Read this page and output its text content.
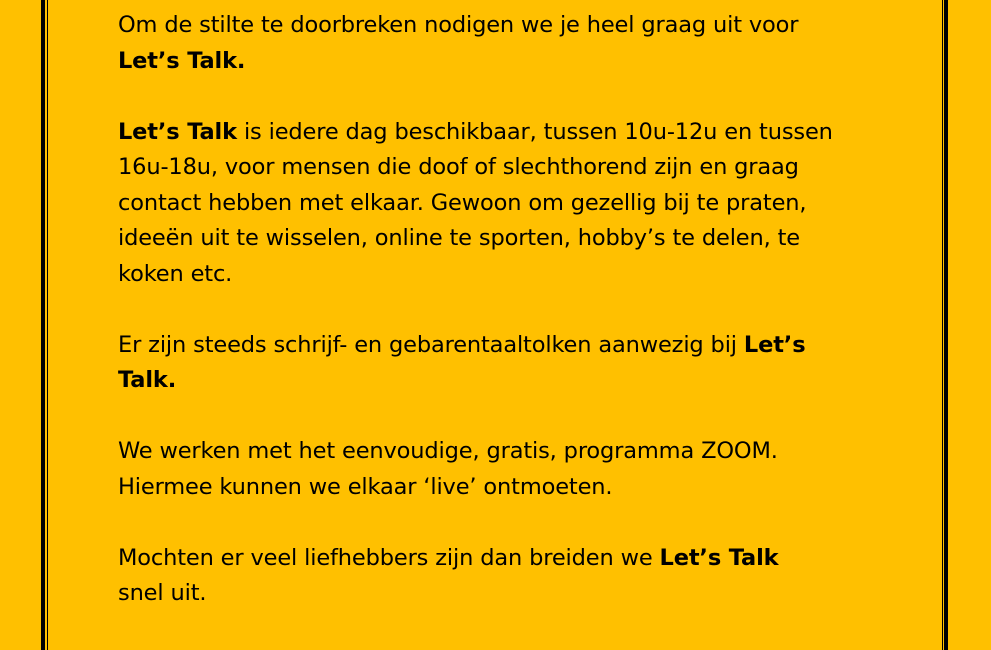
Om de stilte te doorbreken nodigen we je heel graag uit voor
Let’s Talk.
Let’s Talk is iedere dag beschikbaar, tussen 10u-12u en tussen
16u-18u, voor mensen die doof of slechthorend zijn en graag
contact hebben met elkaar. Gewoon om gezellig bij te praten,
ideeën uit te wisselen, online te sporten, hobby’s te delen, te
koken etc.
Er zijn steeds schrijf- en gebarentaaltolken aanwezig bij Let’s
Talk.
We werken met het eenvoudige, gratis, programma ZOOM.
Hiermee kunnen we elkaar ‘live’ ontmoeten.
Mochten er veel liefhebbers zijn dan breiden we Let’s Talk
snel uit.
